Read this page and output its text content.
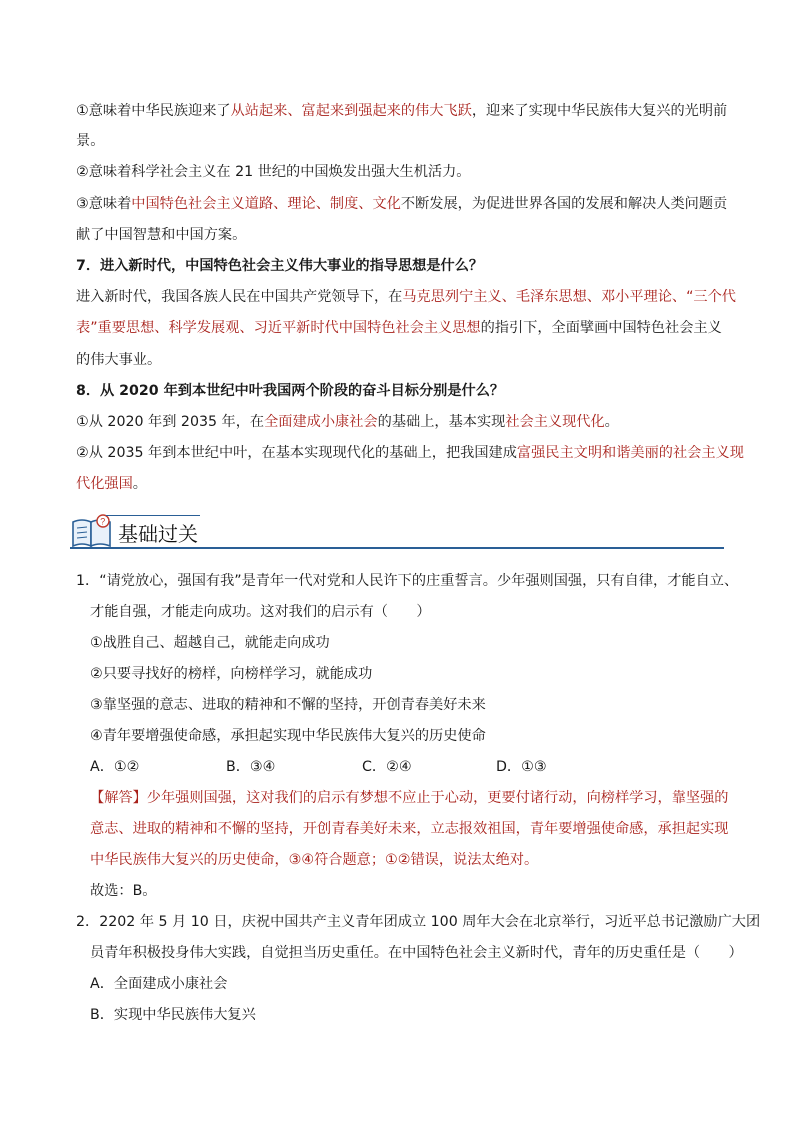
①意味着中华民族迎来了从站起来、富起来到强起来的伟大飞跃，迎来了实现中华民族伟大复兴的光明前
景。
②意味着科学社会主义在 21 世纪的中国焕发出强大生机活力。
③意味着中国特色社会主义道路、理论、制度、文化不断发展，为促进世界各国的发展和解决人类问题贡
献了中国智慧和中国方案。
7．进入新时代，中国特色社会主义伟大事业的指导思想是什么？
进入新时代，我国各族人民在中国共产党领导下，在马克思列宁主义、毛泽东思想、邓小平理论、“三个代
表”重要思想、科学发展观、习近平新时代中国特色社会主义思想的指引下，全面擘画中国特色社会主义
的伟大事业。
8．从 2020 年到本世纪中叶我国两个阶段的奋斗目标分别是什么？
①从 2020 年到 2035 年，在全面建成小康社会的基础上，基本实现社会主义现代化。
②从 2035 年到本世纪中叶，在基本实现现代化的基础上，把我国建成富强民主文明和谐美丽的社会主义现
代化强国。
?
基础过关
1．“请党放心，强国有我”是青年一代对党和人民许下的庄重誓言。少年强则国强，只有自律，才能自立、
才能自强，才能走向成功。这对我们的启示有（　　）
①战胜自己、超越自己，就能走向成功
②只要寻找好的榜样，向榜样学习，就能成功
③靠坚强的意志、进取的精神和不懈的坚持，开创青春美好未来
④青年要增强使命感，承担起实现中华民族伟大复兴的历史使命
A．①②	B．③④	C．②④	D．①③
【解答】少年强则国强，这对我们的启示有梦想不应止于心动，更要付诸行动，向榜样学习，靠坚强的
意志、进取的精神和不懈的坚持，开创青春美好未来，立志报效祖国，青年要增强使命感，承担起实现
中华民族伟大复兴的历史使命，③④符合题意；①②错误，说法太绝对。
故选：B。
2．2202 年 5 月 10 日，庆祝中国共产主义青年团成立 100 周年大会在北京举行，习近平总书记激励广大团
员青年积极投身伟大实践，自觉担当历史重任。在中国特色社会主义新时代，青年的历史重任是（　　）
A．全面建成小康社会
B．实现中华民族伟大复兴
